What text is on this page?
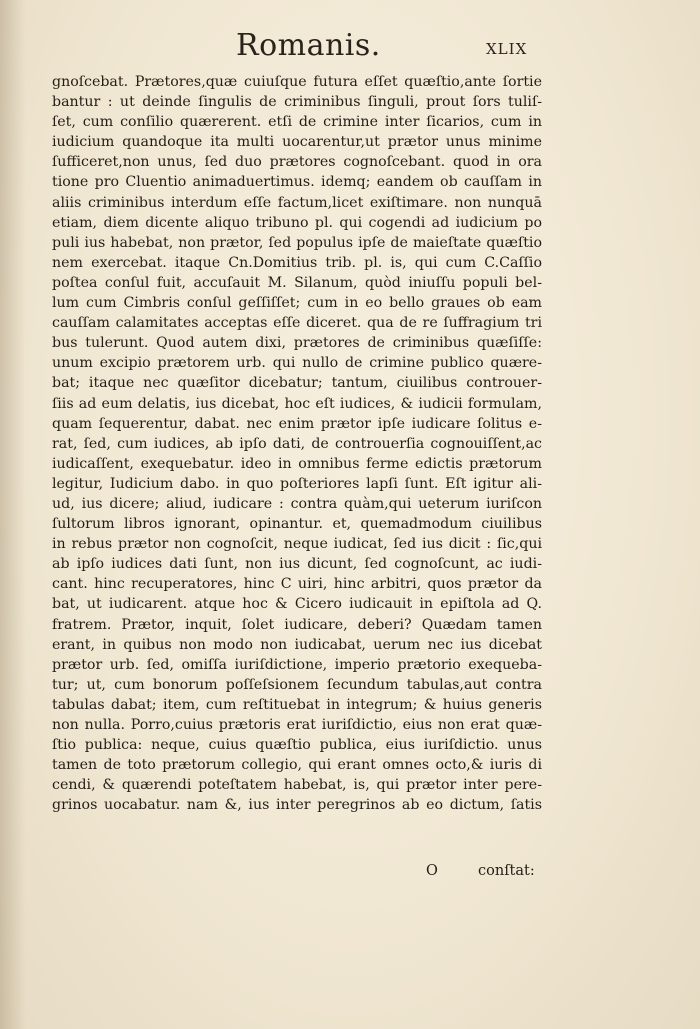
Romanis.	XLIX
gnoſcebat. Prætores,quæ cuiuſque futura eſſet quæſtio,ante ſortie
bantur : ut deinde ſingulis de criminibus ſinguli, prout ſors tuliſ-
ſet, cum conſilio quærerent. etſi de crimine inter ſicarios, cum in
iudicium quandoque ita multi uocarentur,ut prætor unus minime
ſufficeret,non unus, ſed duo prætores cognoſcebant. quod in ora
tione pro Cluentio animaduertimus. idemq; eandem ob cauſſam in
aliis criminibus interdum eſſe factum,licet exiſtimare. non nunquā
etiam, diem dicente aliquo tribuno pl. qui cogendi ad iudicium po
puli ius habebat, non prætor, ſed populus ipſe de maieſtate quæſtio
nem exercebat. itaque Cn.Domitius trib. pl. is, qui cum C.Caſſio
poſtea conſul fuit, accuſauit M. Silanum, quòd iniuſſu populi bel-
lum cum Cimbris conſul geſſiſſet; cum in eo bello graues ob eam
cauſſam calamitates acceptas eſſe diceret. qua de re ſuffragium tri
bus tulerunt. Quod autem dixi, prætores de criminibus quæſiſſe:
unum excipio prætorem urb. qui nullo de crimine publico quære-
bat; itaque nec quæſitor dicebatur; tantum, ciuilibus controuer-
ſiis ad eum delatis, ius dicebat, hoc eſt iudices, & iudicii formulam,
quam ſequerentur, dabat. nec enim prætor ipſe iudicare ſolitus e-
rat, ſed, cum iudices, ab ipſo dati, de controuerſia cognouiſſent,ac
iudicaſſent, exequebatur. ideo in omnibus ferme edictis prætorum
legitur, Iudicium dabo. in quo poſteriores lapſi ſunt. Eſt igitur ali-
ud, ius dicere; aliud, iudicare : contra quàm,qui ueterum iuriſcon
ſultorum libros ignorant, opinantur. et, quemadmodum ciuilibus
in rebus prætor non cognoſcit, neque iudicat, ſed ius dicit : ſic,qui
ab ipſo iudices dati ſunt, non ius dicunt, ſed cognoſcunt, ac iudi-
cant. hinc recuperatores, hinc C uiri, hinc arbitri, quos prætor da
bat, ut iudicarent. atque hoc & Cicero iudicauit in epiſtola ad Q.
fratrem. Prætor, inquit, ſolet iudicare, deberi? Quædam tamen
erant, in quibus non modo non iudicabat, uerum nec ius dicebat
prætor urb. ſed, omiſſa iuriſdictione, imperio prætorio exequeba-
tur; ut, cum bonorum poſſeſsionem ſecundum tabulas,aut contra
tabulas dabat; item, cum reſtituebat in integrum; & huius generis
non nulla. Porro,cuius prætoris erat iuriſdictio, eius non erat quæ-
ſtio publica: neque, cuius quæſtio publica, eius iuriſdictio. unus
tamen de toto prætorum collegio, qui erant omnes octo,& iuris di
cendi, & quærendi poteſtatem habebat, is, qui prætor inter pere-
grinos uocabatur. nam &, ius inter peregrinos ab eo dictum, ſatis
O	conſtat:
